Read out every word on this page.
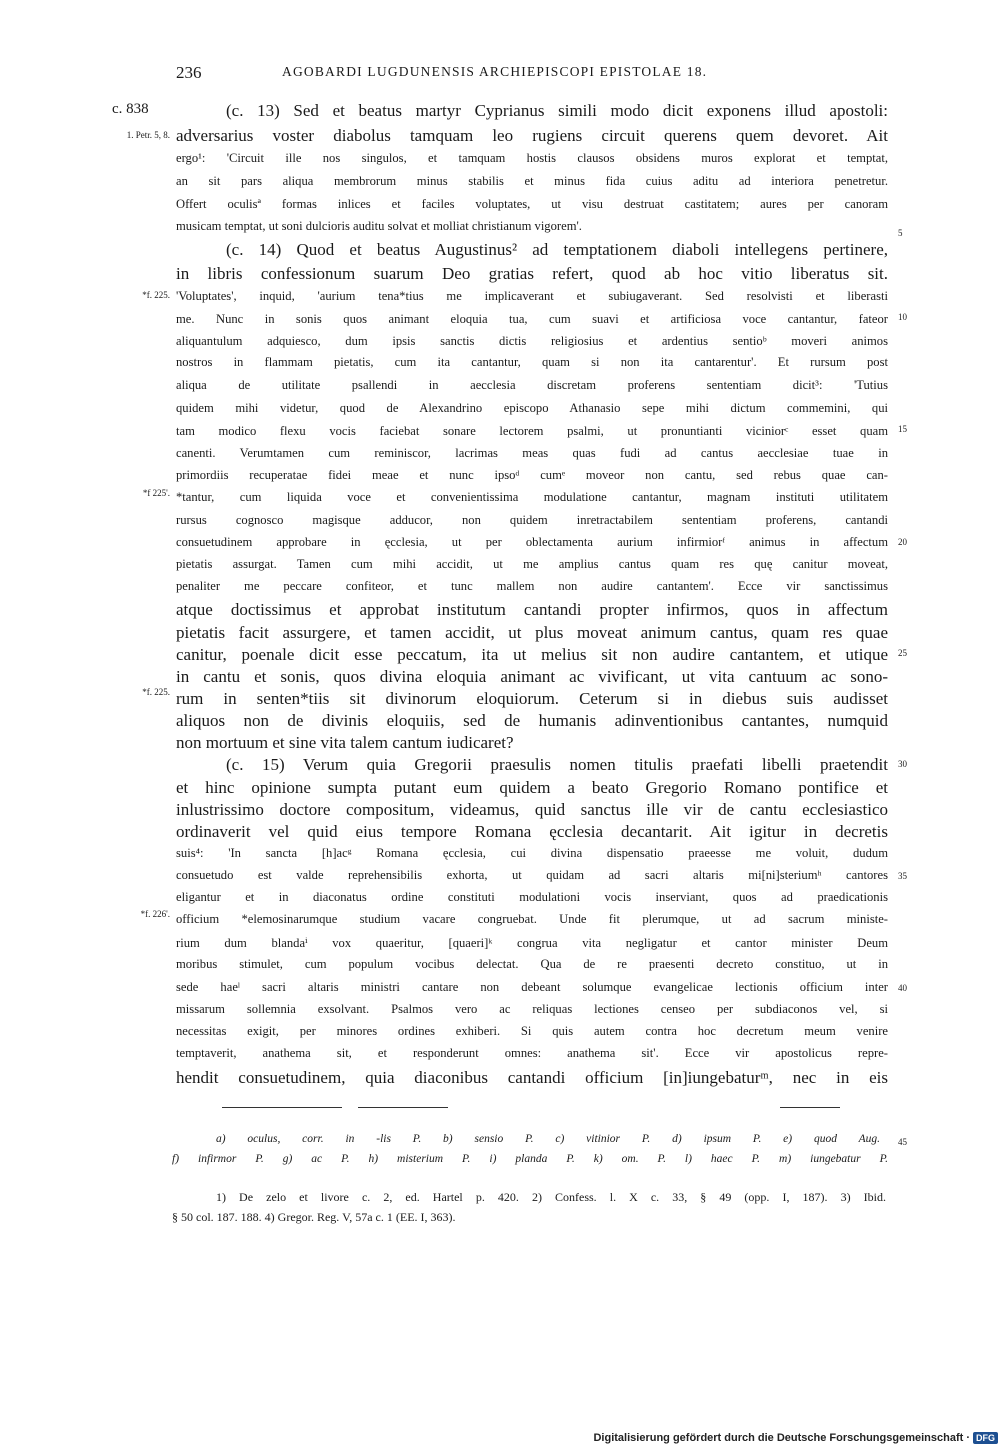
236	AGOBARDI LUGDUNENSIS ARCHIEPISCOPI EPISTOLAE 18.
c. 838
1. Petr. 5, 8.
*f. 225.
*f 225'.
*f. 225.
*f. 226'.
5
10
15
20
25
30
35
40
45
(c. 13) Sed et beatus martyr Cyprianus simili modo dicit exponens illud apostoli:
adversarius voster diabolus tamquam leo rugiens circuit querens quem devoret. Ait
ergo¹: 'Circuit ille nos singulos, et tamquam hostis clausos obsidens muros explorat et temptat,
an sit pars aliqua membrorum minus stabilis et minus fida cuius aditu ad interiora penetretur.
Offert oculisª formas inlices et faciles voluptates, ut visu destruat castitatem; aures per canoram
musicam temptat, ut soni dulcioris auditu solvat et molliat christianum vigorem'.
(c. 14) Quod et beatus Augustinus² ad temptationem diaboli intellegens pertinere,
in libris confessionum suarum Deo gratias refert, quod ab hoc vitio liberatus sit.
'Voluptates', inquid, 'aurium tena*tius me implicaverant et subiugaverant. Sed resolvisti et liberasti
me. Nunc in sonis quos animant eloquia tua, cum suavi et artificiosa voce cantantur, fateor
aliquantulum adquiesco, dum ipsis sanctis dictis religiosius et ardentius sentioᵇ moveri animos
nostros in flammam pietatis, cum ita cantantur, quam si non ita cantarentur'. Et rursum post
aliqua de utilitate psallendi in aecclesia discretam proferens sententiam dicit³: 'Tutius
quidem mihi videtur, quod de Alexandrino episcopo Athanasio sepe mihi dictum commemini, qui
tam modico flexu vocis faciebat sonare lectorem psalmi, ut pronuntianti viciniorᶜ esset quam
canenti. Verumtamen cum reminiscor, lacrimas meas quas fudi ad cantus aecclesiae tuae in
primordiis recuperatae fidei meae et nunc ipsoᵈ cumᵉ moveor non cantu, sed rebus quae can-
*tantur, cum liquida voce et convenientissima modulatione cantantur, magnam instituti utilitatem
rursus cognosco magisque adducor, non quidem inretractabilem sententiam proferens, cantandi
consuetudinem approbare in ęcclesia, ut per oblectamenta aurium infirmiorᶠ animus in affectum
pietatis assurgat. Tamen cum mihi accidit, ut me amplius cantus quam res quę canitur moveat,
penaliter me peccare confiteor, et tunc mallem non audire cantantem'. Ecce vir sanctissimus
atque doctissimus et approbat institutum cantandi propter infirmos, quos in affectum
pietatis facit assurgere, et tamen accidit, ut plus moveat animum cantus, quam res quae
canitur, poenale dicit esse peccatum, ita ut melius sit non audire cantantem, et utique
in cantu et sonis, quos divina eloquia animant ac vivificant, ut vita cantuum ac sono-
rum in senten*tiis sit divinorum eloquiorum. Ceterum si in diebus suis audisset
aliquos non de divinis eloquiis, sed de humanis adinventionibus cantantes, numquid
non mortuum et sine vita talem cantum iudicaret?
(c. 15) Verum quia Gregorii praesulis nomen titulis praefati libelli praetendit
et hinc opinione sumpta putant eum quidem a beato Gregorio Romano pontifice et
inlustrissimo doctore compositum, videamus, quid sanctus ille vir de cantu ecclesiastico
ordinaverit vel quid eius tempore Romana ęcclesia decantarit. Ait igitur in decretis
suis⁴: 'In sancta [h]acᵍ Romana ęcclesia, cui divina dispensatio praeesse me voluit, dudum
consuetudo est valde reprehensibilis exhorta, ut quidam ad sacri altaris mi[ni]steriumʰ cantores
eligantur et in diaconatus ordine constituti modulationi vocis inserviant, quos ad praedicationis
officium *elemosinarumque studium vacare congruebat. Unde fit plerumque, ut ad sacrum ministe-
rium dum blandaⁱ vox quaeritur, [quaeri]ᵏ congrua vita negligatur et cantor minister Deum
moribus stimulet, cum populum vocibus delectat. Qua de re praesenti decreto constituo, ut in
sede haeˡ sacri altaris ministri cantare non debeant solumque evangelicae lectionis officium inter
missarum sollemnia exsolvant. Psalmos vero ac reliquas lectiones censeo per subdiaconos vel, si
necessitas exigit, per minores ordines exhiberi. Si quis autem contra hoc decretum meum venire
temptaverit, anathema sit, et responderunt omnes: anathema sit'. Ecce vir apostolicus repre-
hendit consuetudinem, quia diaconibus cantandi officium [in]iungebaturᵐ, nec in eis
a) oculus, corr. in -lis P. b) sensio P. c) vitinior P. d) ipsum P. e) quod Aug.
f) infirmor P. g) ac P. h) misterium P. i) planda P. k) om. P. l) haec P. m) iungebatur P.
1) De zelo et livore c. 2, ed. Hartel p. 420. 2) Confess. l. X c. 33, § 49 (opp. I, 187). 3) Ibid.
§ 50 col. 187. 188. 4) Gregor. Reg. V, 57a c. 1 (EE. I, 363).
Digitalisierung gefördert durch die Deutsche Forschungsgemeinschaft · DFG
